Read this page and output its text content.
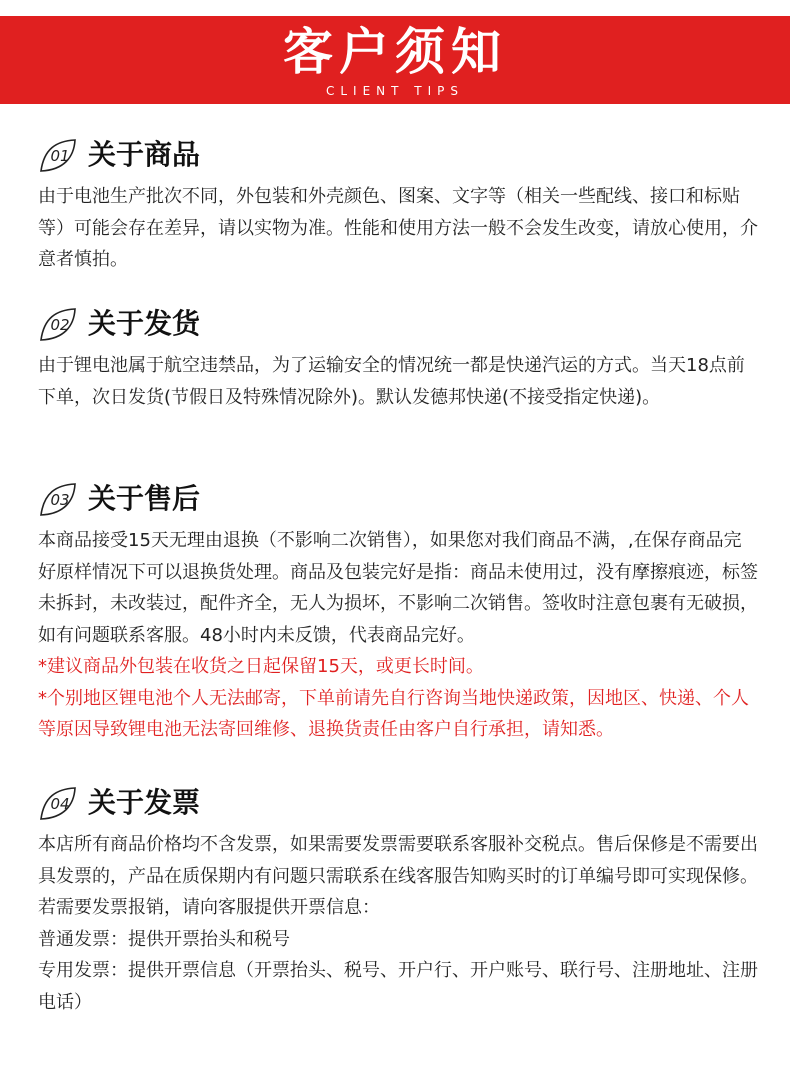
客户须知
CLIENT TIPS
01 关于商品

由于电池生产批次不同，外包装和外壳颜色、图案、文字等（相关一些配线、接口和标贴等）可能会存在差异，请以实物为准。性能和使用方法一般不会发生改变，请放心使用，介意者慎拍。

02 关于发货

由于锂电池属于航空违禁品，为了运输安全的情况统一都是快递汽运的方式。当天18点前下单，次日发货(节假日及特殊情况除外)。默认发德邦快递(不接受指定快递)。

03 关于售后

本商品接受15天无理由退换（不影响二次销售），如果您对我们商品不满，,在保存商品完好原样情况下可以退换货处理。商品及包装完好是指：商品未使用过，没有摩擦痕迹，标签未拆封，未改装过，配件齐全，无人为损坏，不影响二次销售。签收时注意包裹有无破损，如有问题联系客服。48小时内未反馈，代表商品完好。

*建议商品外包装在收货之日起保留15天，或更长时间。

*个别地区锂电池个人无法邮寄，下单前请先自行咨询当地快递政策，因地区、快递、个人等原因导致锂电池无法寄回维修、退换货责任由客户自行承担，请知悉。

04 关于发票

本店所有商品价格均不含发票，如果需要发票需要联系客服补交税点。售后保修是不需要出具发票的，产品在质保期内有问题只需联系在线客服告知购买时的订单编号即可实现保修。若需要发票报销，请向客服提供开票信息：

普通发票：提供开票抬头和税号

专用发票：提供开票信息（开票抬头、税号、开户行、开户账号、联行号、注册地址、注册电话）
